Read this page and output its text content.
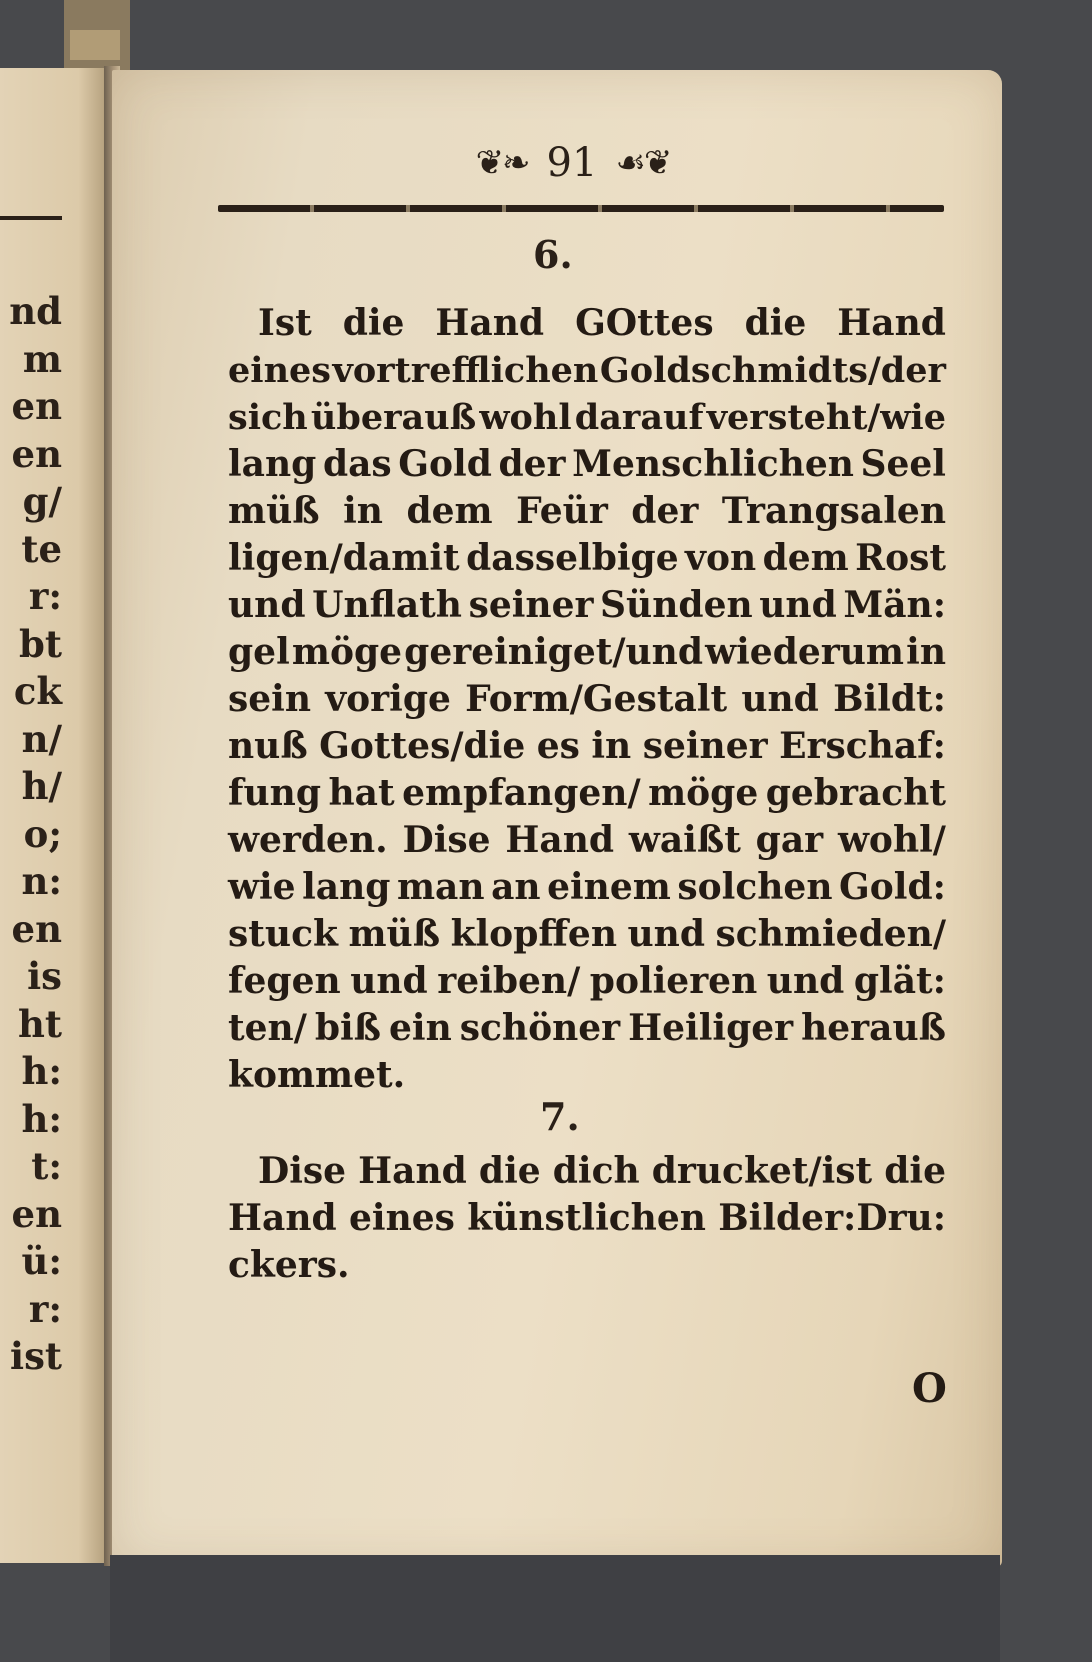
nd
m
en
en
g/
te
r:
bt
ck
n/
h/
o;
n:
en
is
ht
h:
h:
t:
en
ü:
r:
ist
❦❧ 91 ☙❦
6.
Ist die Hand GOttes die Hand
eines vortrefflichen Goldschmidts/der
sich überauß wohl darauf versteht/wie
lang das Gold der Menschlichen Seel
müß in dem Feür der Trangsalen
ligen/damit dasselbige von dem Rost
und Unflath seiner Sünden und Män:
gel möge gereiniget/und wiederum in
sein vorige Form/Gestalt und Bildt:
nuß Gottes/die es in seiner Erschaf:
fung hat empfangen/ möge gebracht
werden. Dise Hand waißt gar wohl/
wie lang man an einem solchen Gold:
stuck müß klopffen und schmieden/
fegen und reiben/ polieren und glät:
ten/ biß ein schöner Heiliger herauß
kommet.
7.
Dise Hand die dich drucket/ist die
Hand eines künstlichen Bilder:Dru:
ckers.
O
